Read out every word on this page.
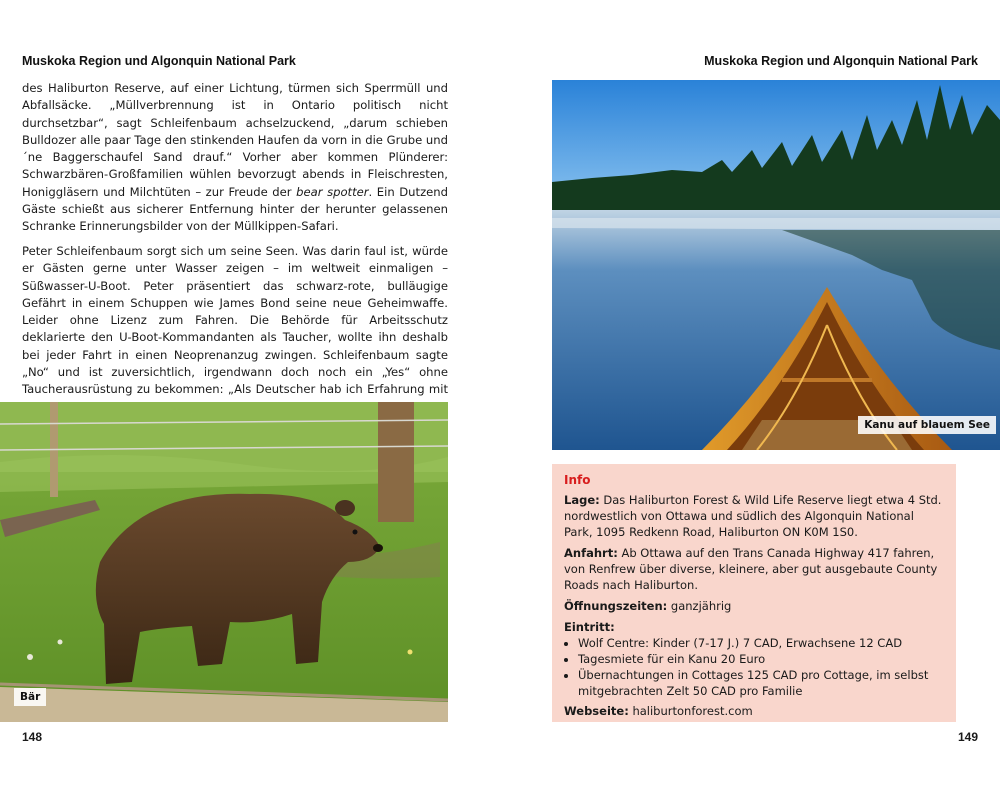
Muskoka Region und Algonquin National Park	Muskoka Region und Algonquin National Park

des Haliburton Reserve, auf einer Lichtung, türmen sich Sperrmüll und Abfallsäcke. „Müllverbrennung ist in Ontario politisch nicht durchsetzbar“, sagt Schleifenbaum achselzuckend, „darum schieben Bulldozer alle paar Tage den stinkenden Haufen da vorn in die Grube und ´ne Baggerschaufel Sand drauf.“ Vorher aber kommen Plünderer: Schwarzbären-Großfamilien wühlen bevorzugt abends in Fleischresten, Honiggläsern und Milchtüten – zur Freude der bear spotter. Ein Dutzend Gäste schießt aus sicherer Entfernung hinter der herunter gelassenen Schranke Erinnerungsbilder von der Müllkippen-Safari.

Peter Schleifenbaum sorgt sich um seine Seen. Was darin faul ist, würde er Gästen gerne unter Wasser zeigen – im weltweit einmaligen – Süßwasser-U-Boot. Peter präsentiert das schwarz-rote, bulläugige Gefährt in einem Schuppen wie James Bond seine neue Geheimwaffe. Leider ohne Lizenz zum Fahren. Die Behörde für Arbeitsschutz deklarierte den U-Boot-Kommandanten als Taucher, wollte ihn deshalb bei jeder Fahrt in einen Neoprenanzug zwingen. Schleifenbaum sagte „No“ und ist zuversichtlich, irgendwann doch noch ein „Yes“ ohne Taucherausrüstung zu bekommen: „Als Deutscher hab ich Erfahrung mit

Bär
148
Kanu auf blauem See
Info

Lage: Das Haliburton Forest & Wild Life Reserve liegt etwa 4 Std. nordwestlich von Ottawa und südlich des Algonquin National Park, 1095 Redkenn Road, Haliburton ON K0M 1S0.

Anfahrt: Ab Ottawa auf den Trans Canada Highway 417 fahren, von Renfrew über diverse, kleinere, aber gut ausgebaute County Roads nach Haliburton.

Öffnungszeiten: ganzjährig

Eintritt:

• Wolf Centre: Kinder (7-17 J.) 7 CAD, Erwachsene 12 CAD
• Tagesmiete für ein Kanu 20 Euro
• Übernachtungen in Cottages 125 CAD pro Cottage, im selbst mitgebrachten Zelt 50 CAD pro Familie

Webseite: haliburtonforest.com

149
